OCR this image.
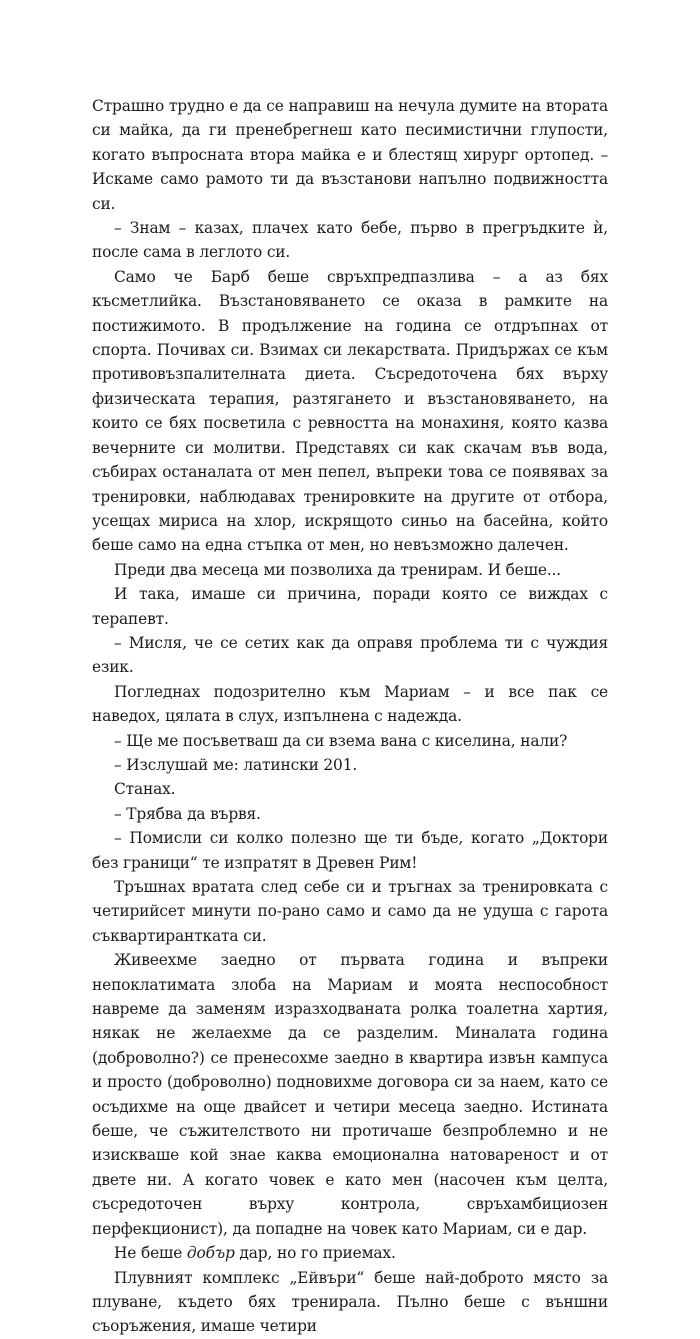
Страшно трудно е да се направиш на нечула думите на втората си майка, да ги пренебрегнеш като песимистични глупости, когато въпросната втора майка е и блестящ хирург ортопед. – Искаме само рамото ти да възстанови напълно подвижността си.

– Знам – казах, плачех като бебе, първо в прегръдките ѝ, после сама в леглото си.

Само че Барб беше свръхпредпазлива – а аз бях късметлийка. Възстановяването се оказа в рамките на постижимото. В продължение на година се отдръпнах от спорта. Почивах си. Взимах си лекарствата. Придържах се към противовъзпалителната диета. Съсредоточена бях върху физическата терапия, разтягането и възстановяването, на които се бях посветила с ревността на монахиня, която казва вечерните си молитви. Представях си как скачам във вода, събирах останалата от мен пепел, въпреки това се появявах за тренировки, наблюдавах тренировките на другите от отбора, усещах мириса на хлор, искрящото синьо на басейна, който беше само на една стъпка от мен, но невъзможно далечен.

Преди два месеца ми позволиха да тренирам. И беше...

И така, имаше си причина, поради която се виждах с терапевт.

– Мисля, че се сетих как да оправя проблема ти с чуждия език.

Погледнах подозрително към Мариам – и все пак се наведох, цялата в слух, изпълнена с надежда.

– Ще ме посъветваш да си взема вана с киселина, нали?

– Изслушай ме: латински 201.

Станах.

– Трябва да вървя.

– Помисли си колко полезно ще ти бъде, когато „Доктори без граници“ те изпратят в Древен Рим!

Тръшнах вратата след себе си и тръгнах за тренировката с четирийсет минути по-рано само и само да не удуша с гарота съквартирантката си.

Живеехме заедно от първата година и въпреки непоклатимата злоба на Мариам и моята неспособност навреме да заменям изразходваната ролка тоалетна хартия, някак не желаехме да се разделим. Миналата година (доброволно?) се пренесохме заедно в квартира извън кампуса и просто (доброволно) подновихме договора си за наем, като се осъдихме на още двайсет и четири месеца заедно. Истината беше, че съжителството ни протичаше безпроблемно и не изискваше кой знае каква емоционална натовареност и от двете ни. А когато човек е като мен (насочен към целта, съсредоточен върху контрола, свръхамбициозен перфекционист), да попадне на човек като Мариам, си е дар.

Не беше добър дар, но го приемах.

Плувният комплекс „Ейвъри“ беше най-доброто място за плуване, където бях тренирала. Пълно беше с външни съоръжения, имаше четири
